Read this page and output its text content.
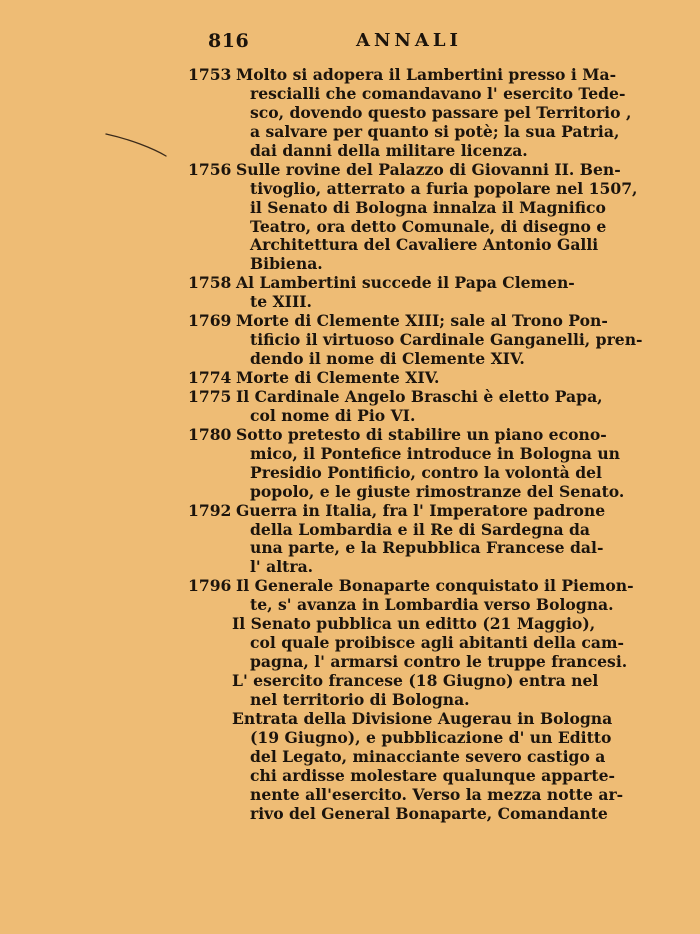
816	ANNALI
1753 Molto si adopera il Lambertini presso i Ma-
rescialli che comandavano l' esercito Tede-
sco, dovendo questo passare pel Territorio ,
a salvare per quanto si potè; la sua Patria,
dai danni della militare licenza.
1756 Sulle rovine del Palazzo di Giovanni II. Ben-
tivoglio, atterrato a furia popolare nel 1507,
il Senato di Bologna innalza il Magnifico
Teatro, ora detto Comunale, di disegno e
Architettura del Cavaliere Antonio Galli
Bibiena.
1758 Al Lambertini succede il Papa Clemen-
te XIII.
1769 Morte di Clemente XIII; sale al Trono Pon-
tificio il virtuoso Cardinale Ganganelli, pren-
dendo il nome di Clemente XIV.
1774 Morte di Clemente XIV.
1775 Il Cardinale Angelo Braschi è eletto Papa,
col nome di Pio VI.
1780 Sotto pretesto di stabilire un piano econo-
mico, il Pontefice introduce in Bologna un
Presidio Pontificio, contro la volontà del
popolo, e le giuste rimostranze del Senato.
1792 Guerra in Italia, fra l' Imperatore padrone
della Lombardia e il Re di Sardegna da
una parte, e la Repubblica Francese dal-
l' altra.
1796 Il Generale Bonaparte conquistato il Piemon-
te, s' avanza in Lombardia verso Bologna.
Il Senato pubblica un editto (21 Maggio),
col quale proibisce agli abitanti della cam-
pagna, l' armarsi contro le truppe francesi.
L' esercito francese (18 Giugno) entra nel
nel territorio di Bologna.
Entrata della Divisione Augerau in Bologna
(19 Giugno), e pubblicazione d' un Editto
del Legato, minacciante severo castigo a
chi ardisse molestare qualunque apparte-
nente all'esercito. Verso la mezza notte ar-
rivo del General Bonaparte, Comandante
